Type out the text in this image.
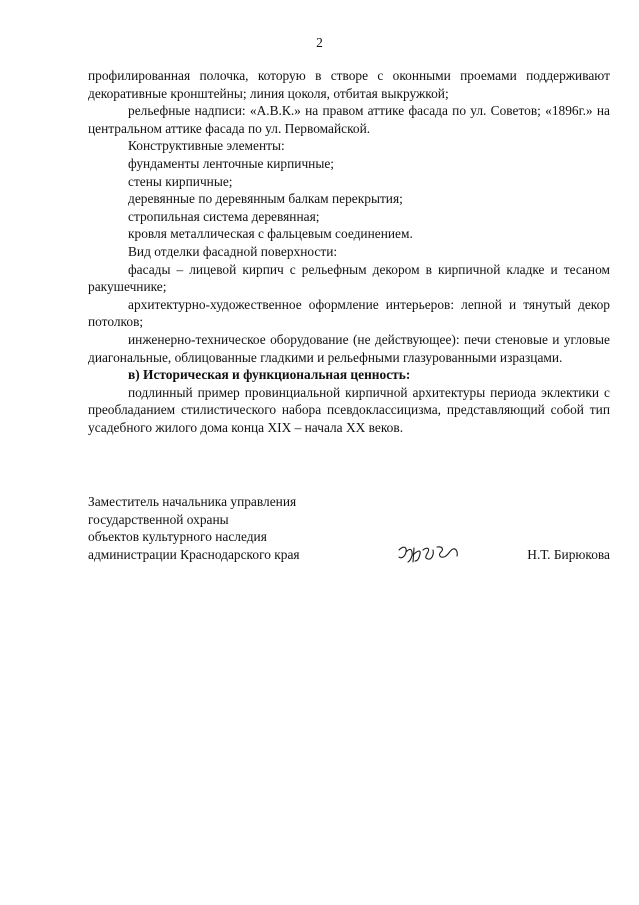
2

профилированная полочка, которую в створе с оконными проемами поддерживают декоративные кронштейны; линия цоколя, отбитая выкружкой;

рельефные надписи: «А.В.К.» на правом аттике фасада по ул. Советов; «1896г.» на центральном аттике фасада по ул. Первомайской.

Конструктивные элементы:

фундаменты ленточные кирпичные;

стены кирпичные;

деревянные по деревянным балкам перекрытия;

стропильная система деревянная;

кровля металлическая с фальцевым соединением.

Вид отделки фасадной поверхности:

фасады – лицевой кирпич с рельефным декором в кирпичной кладке и тесаном ракушечнике;

архитектурно-художественное оформление интерьеров: лепной и тянутый декор потолков;

инженерно-техническое оборудование (не действующее): печи стеновые и угловые диагональные, облицованные гладкими и рельефными глазурованными изразцами.

в) Историческая и функциональная ценность:

подлинный пример провинциальной кирпичной архитектуры периода эклектики с преобладанием стилистического набора псевдоклассицизма, представляющий собой тип усадебного жилого дома конца XIX – начала XX веков.

Заместитель начальника управления

государственной охраны

объектов культурного наследия

администрации Краснодарского края	Н.Т. Бирюкова
